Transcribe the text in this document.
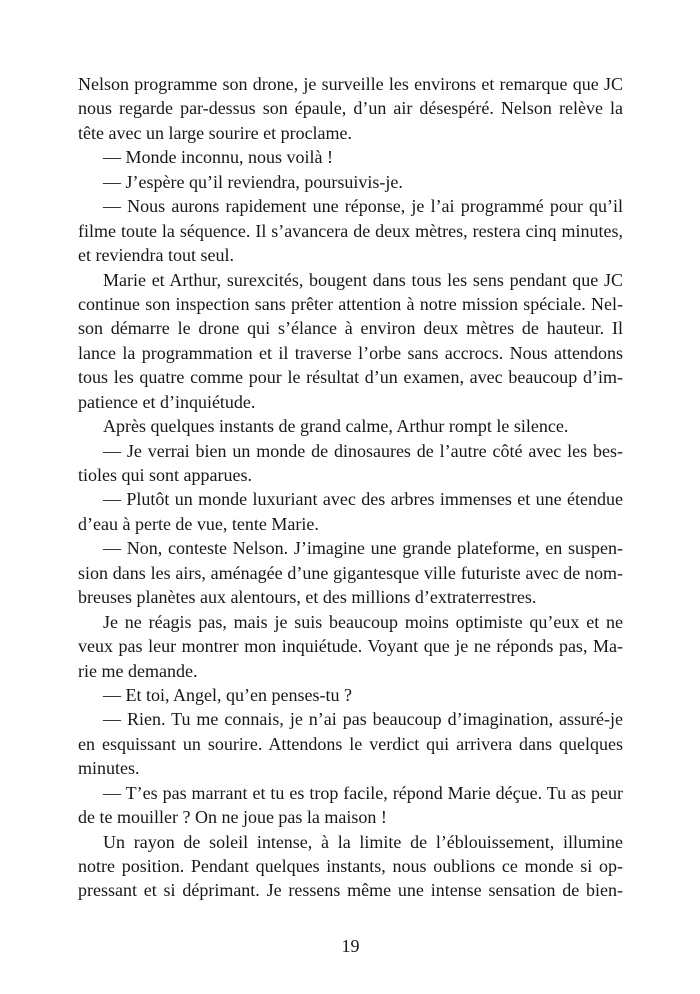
Nelson programme son drone, je surveille les environs et remarque que JC
nous regarde par-dessus son épaule, d’un air désespéré. Nelson relève la
tête avec un large sourire et proclame.
— Monde inconnu, nous voilà !
— J’espère qu’il reviendra, poursuivis-je.
— Nous aurons rapidement une réponse, je l’ai programmé pour qu’il
filme toute la séquence. Il s’avancera de deux mètres, restera cinq minutes,
et reviendra tout seul.
Marie et Arthur, surexcités, bougent dans tous les sens pendant que JC
continue son inspection sans prêter attention à notre mission spéciale. Nel-
son démarre le drone qui s’élance à environ deux mètres de hauteur. Il
lance la programmation et il traverse l’orbe sans accrocs. Nous attendons
tous les quatre comme pour le résultat d’un examen, avec beaucoup d’im-
patience et d’inquiétude.
Après quelques instants de grand calme, Arthur rompt le silence.
— Je verrai bien un monde de dinosaures de l’autre côté avec les bes-
tioles qui sont apparues.
— Plutôt un monde luxuriant avec des arbres immenses et une étendue
d’eau à perte de vue, tente Marie.
— Non, conteste Nelson. J’imagine une grande plateforme, en suspen-
sion dans les airs, aménagée d’une gigantesque ville futuriste avec de nom-
breuses planètes aux alentours, et des millions d’extraterrestres.
Je ne réagis pas, mais je suis beaucoup moins optimiste qu’eux et ne
veux pas leur montrer mon inquiétude. Voyant que je ne réponds pas, Ma-
rie me demande.
— Et toi, Angel, qu’en penses-tu ?
— Rien. Tu me connais, je n’ai pas beaucoup d’imagination, assuré-je
en esquissant un sourire. Attendons le verdict qui arrivera dans quelques
minutes.
— T’es pas marrant et tu es trop facile, répond Marie déçue. Tu as peur
de te mouiller ? On ne joue pas la maison !
Un rayon de soleil intense, à la limite de l’éblouissement, illumine
notre position. Pendant quelques instants, nous oublions ce monde si op-
pressant et si déprimant. Je ressens même une intense sensation de bien-
19
